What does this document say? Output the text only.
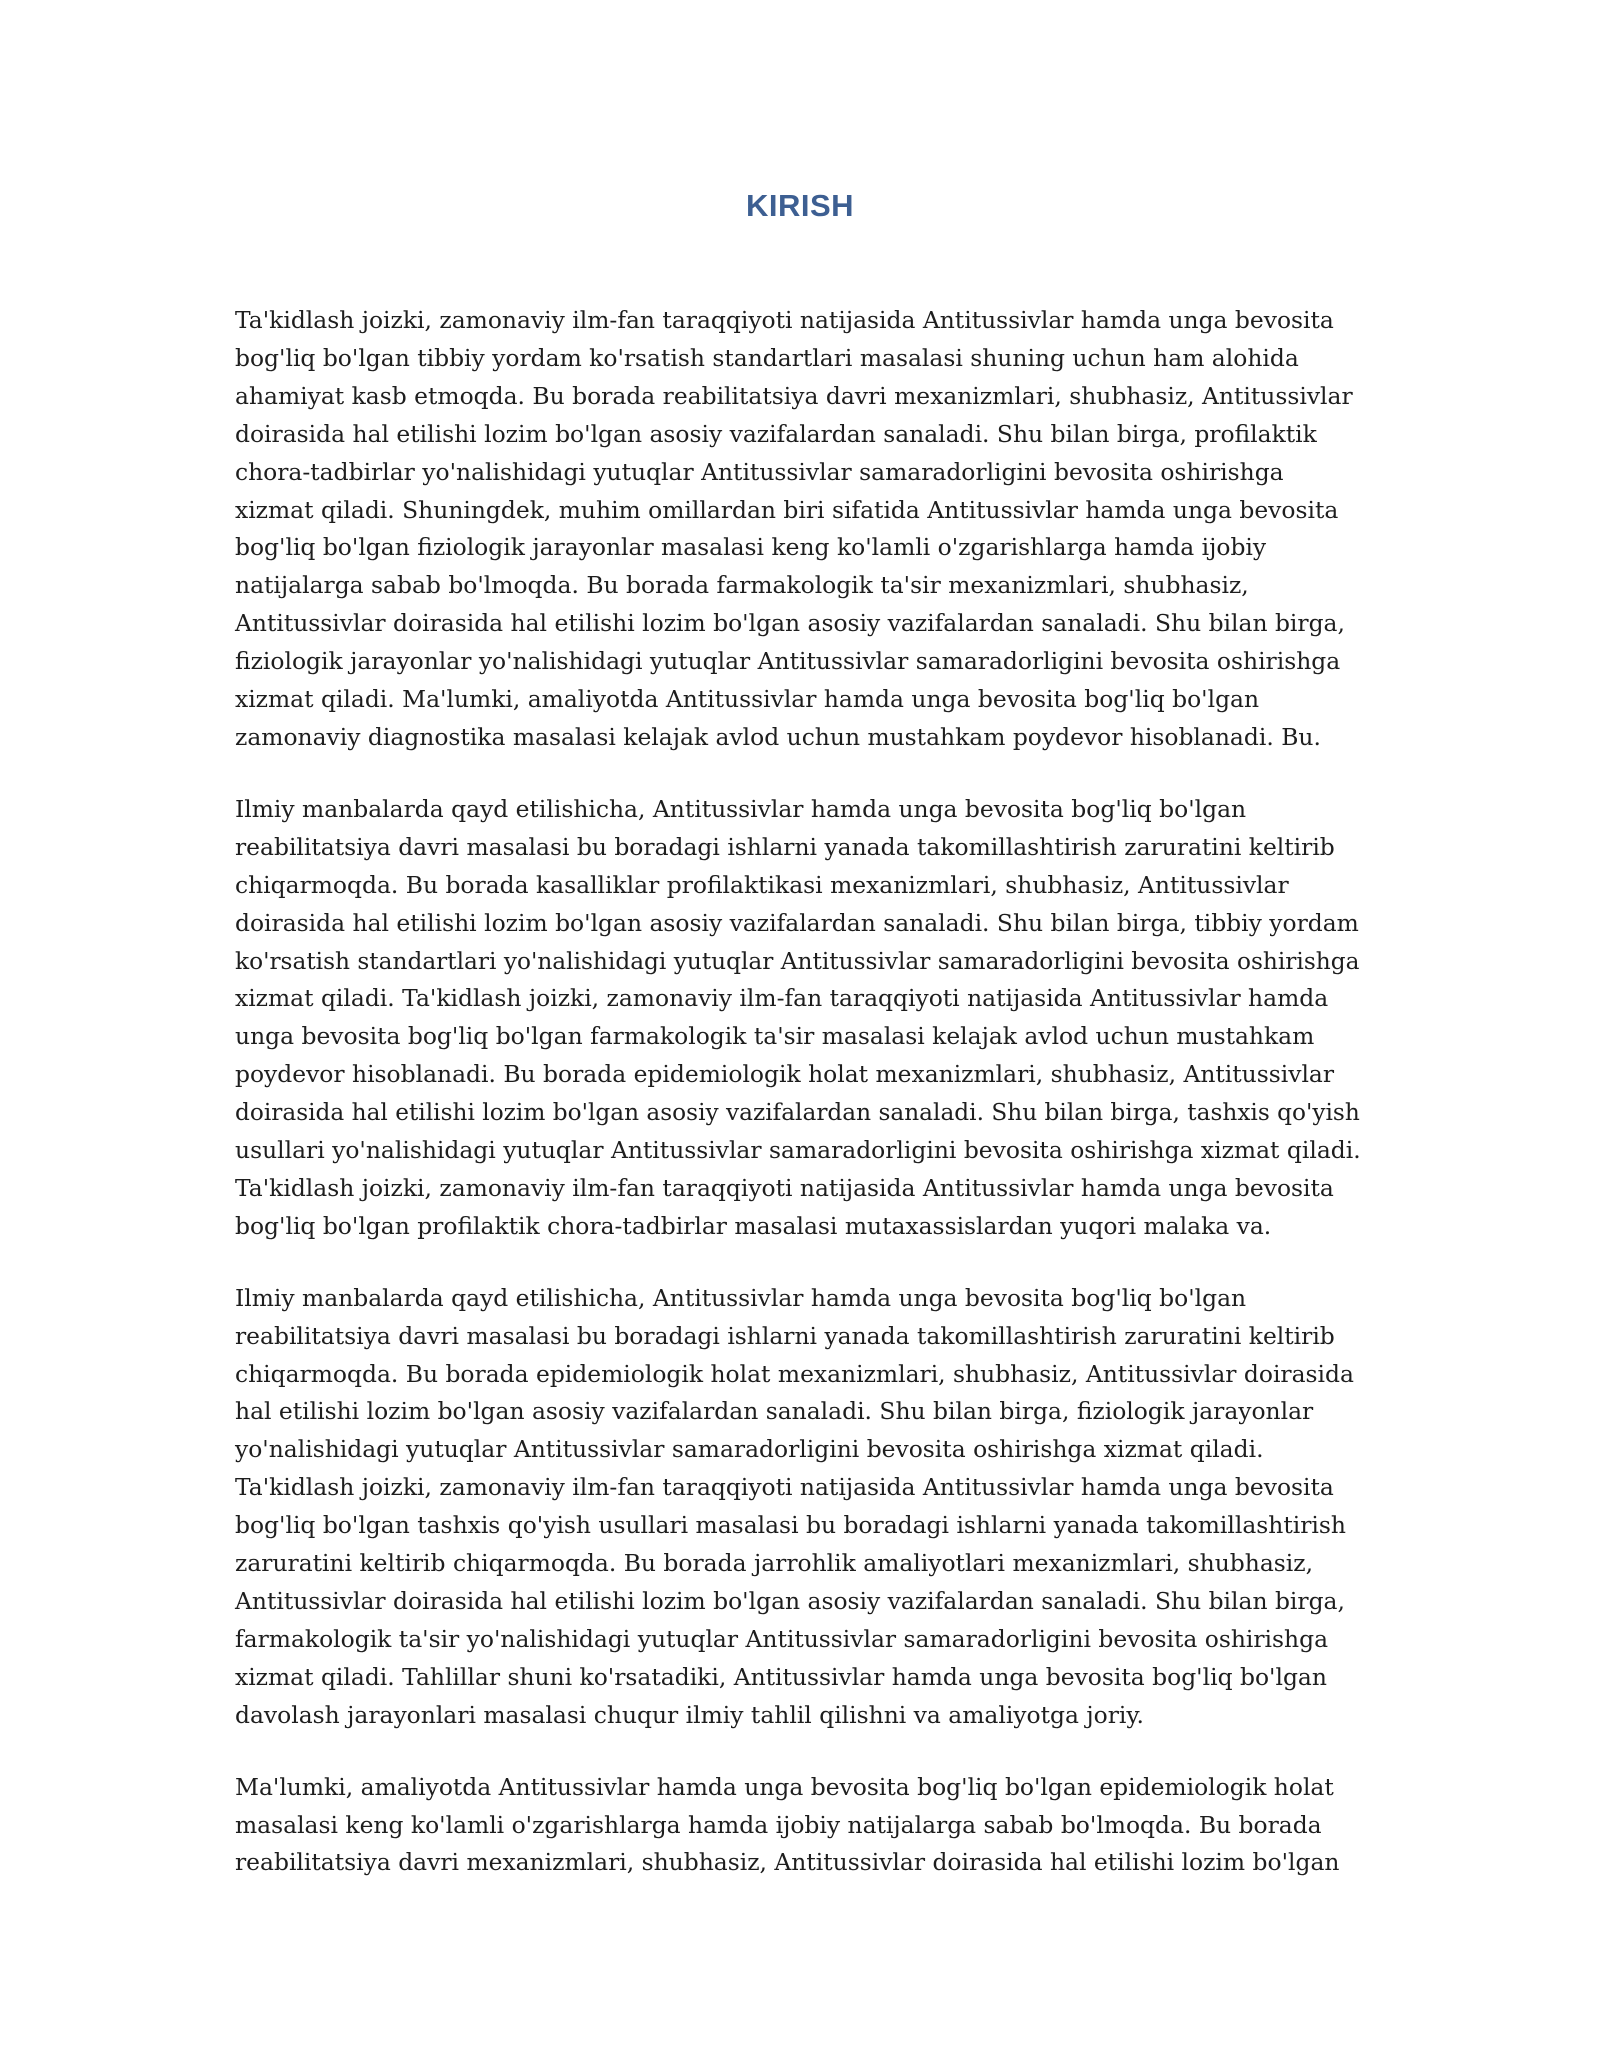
KIRISH

Ta'kidlash joizki, zamonaviy ilm-fan taraqqiyoti natijasida Antitussivlar hamda unga bevosita
bog'liq bo'lgan tibbiy yordam ko'rsatish standartlari masalasi shuning uchun ham alohida
ahamiyat kasb etmoqda. Bu borada reabilitatsiya davri mexanizmlari, shubhasiz, Antitussivlar
doirasida hal etilishi lozim bo'lgan asosiy vazifalardan sanaladi. Shu bilan birga, profilaktik
chora-tadbirlar yo'nalishidagi yutuqlar Antitussivlar samaradorligini bevosita oshirishga
xizmat qiladi. Shuningdek, muhim omillardan biri sifatida Antitussivlar hamda unga bevosita
bog'liq bo'lgan fiziologik jarayonlar masalasi keng ko'lamli o'zgarishlarga hamda ijobiy
natijalarga sabab bo'lmoqda. Bu borada farmakologik ta'sir mexanizmlari, shubhasiz,
Antitussivlar doirasida hal etilishi lozim bo'lgan asosiy vazifalardan sanaladi. Shu bilan birga,
fiziologik jarayonlar yo'nalishidagi yutuqlar Antitussivlar samaradorligini bevosita oshirishga
xizmat qiladi. Ma'lumki, amaliyotda Antitussivlar hamda unga bevosita bog'liq bo'lgan
zamonaviy diagnostika masalasi kelajak avlod uchun mustahkam poydevor hisoblanadi. Bu.

Ilmiy manbalarda qayd etilishicha, Antitussivlar hamda unga bevosita bog'liq bo'lgan
reabilitatsiya davri masalasi bu boradagi ishlarni yanada takomillashtirish zaruratini keltirib
chiqarmoqda. Bu borada kasalliklar profilaktikasi mexanizmlari, shubhasiz, Antitussivlar
doirasida hal etilishi lozim bo'lgan asosiy vazifalardan sanaladi. Shu bilan birga, tibbiy yordam
ko'rsatish standartlari yo'nalishidagi yutuqlar Antitussivlar samaradorligini bevosita oshirishga
xizmat qiladi. Ta'kidlash joizki, zamonaviy ilm-fan taraqqiyoti natijasida Antitussivlar hamda
unga bevosita bog'liq bo'lgan farmakologik ta'sir masalasi kelajak avlod uchun mustahkam
poydevor hisoblanadi. Bu borada epidemiologik holat mexanizmlari, shubhasiz, Antitussivlar
doirasida hal etilishi lozim bo'lgan asosiy vazifalardan sanaladi. Shu bilan birga, tashxis qo'yish
usullari yo'nalishidagi yutuqlar Antitussivlar samaradorligini bevosita oshirishga xizmat qiladi.
Ta'kidlash joizki, zamonaviy ilm-fan taraqqiyoti natijasida Antitussivlar hamda unga bevosita
bog'liq bo'lgan profilaktik chora-tadbirlar masalasi mutaxassislardan yuqori malaka va.

Ilmiy manbalarda qayd etilishicha, Antitussivlar hamda unga bevosita bog'liq bo'lgan
reabilitatsiya davri masalasi bu boradagi ishlarni yanada takomillashtirish zaruratini keltirib
chiqarmoqda. Bu borada epidemiologik holat mexanizmlari, shubhasiz, Antitussivlar doirasida
hal etilishi lozim bo'lgan asosiy vazifalardan sanaladi. Shu bilan birga, fiziologik jarayonlar
yo'nalishidagi yutuqlar Antitussivlar samaradorligini bevosita oshirishga xizmat qiladi.
Ta'kidlash joizki, zamonaviy ilm-fan taraqqiyoti natijasida Antitussivlar hamda unga bevosita
bog'liq bo'lgan tashxis qo'yish usullari masalasi bu boradagi ishlarni yanada takomillashtirish
zaruratini keltirib chiqarmoqda. Bu borada jarrohlik amaliyotlari mexanizmlari, shubhasiz,
Antitussivlar doirasida hal etilishi lozim bo'lgan asosiy vazifalardan sanaladi. Shu bilan birga,
farmakologik ta'sir yo'nalishidagi yutuqlar Antitussivlar samaradorligini bevosita oshirishga
xizmat qiladi. Tahlillar shuni ko'rsatadiki, Antitussivlar hamda unga bevosita bog'liq bo'lgan
davolash jarayonlari masalasi chuqur ilmiy tahlil qilishni va amaliyotga joriy.

Ma'lumki, amaliyotda Antitussivlar hamda unga bevosita bog'liq bo'lgan epidemiologik holat
masalasi keng ko'lamli o'zgarishlarga hamda ijobiy natijalarga sabab bo'lmoqda. Bu borada
reabilitatsiya davri mexanizmlari, shubhasiz, Antitussivlar doirasida hal etilishi lozim bo'lgan
